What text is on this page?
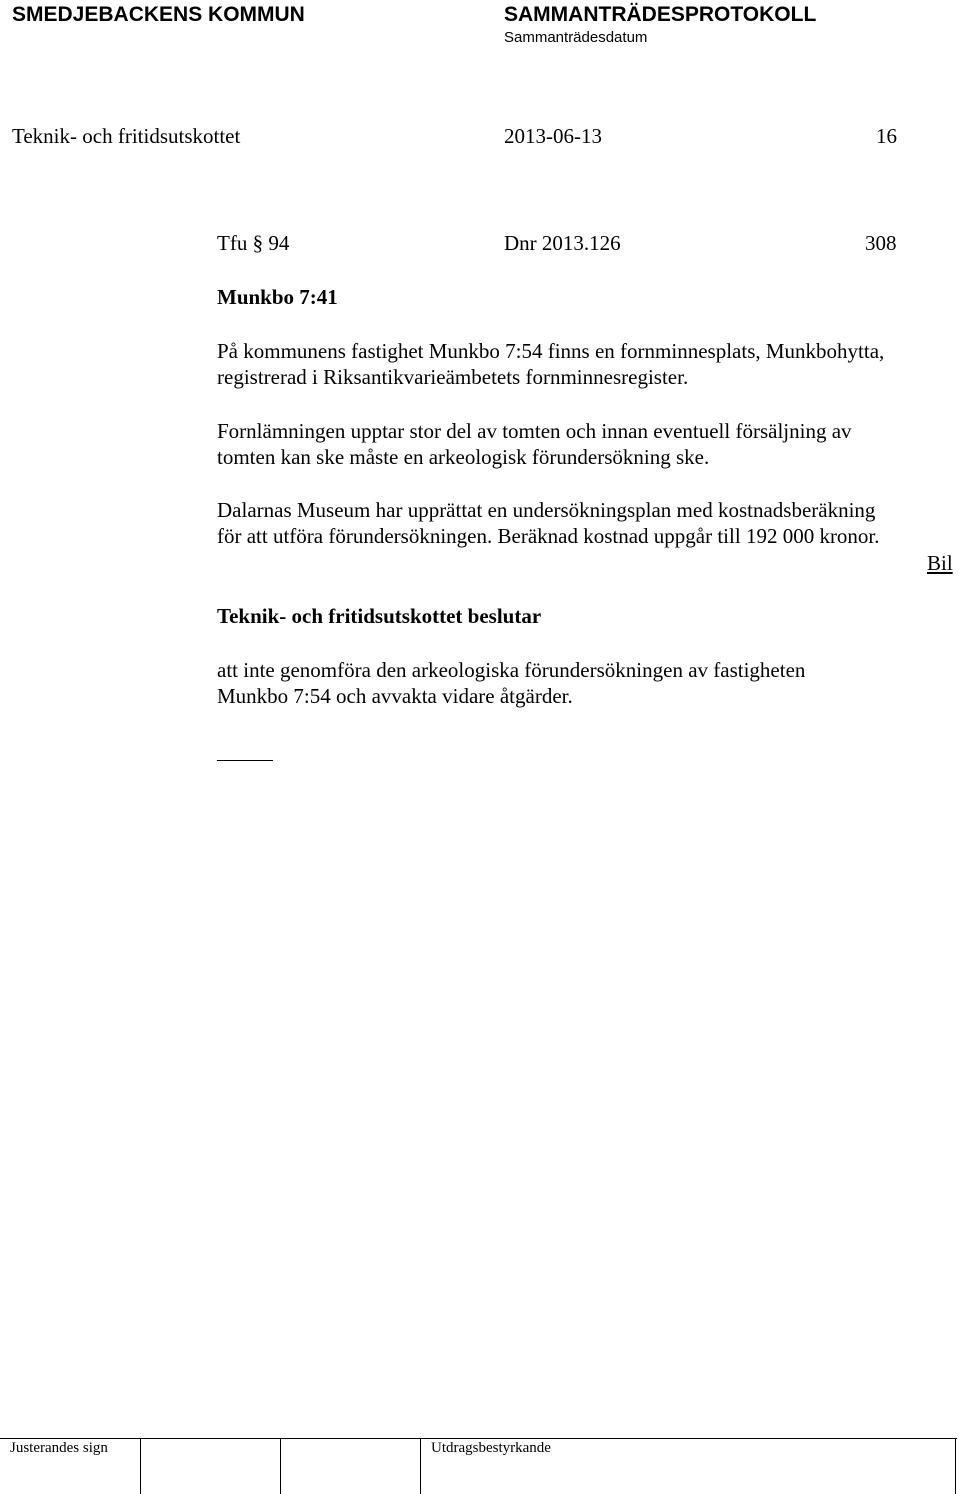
SMEDJEBACKENS KOMMUN	SAMMANTRÄDESPROTOKOLL
Sammanträdesdatum
Teknik- och fritidsutskottet	2013-06-13	16
Tfu § 94	Dnr 2013.126	308
Munkbo 7:41
På kommunens fastighet Munkbo 7:54 finns en fornminnesplats, Munkbohytta,
registrerad i Riksantikvarieämbetets fornminnesregister.
Fornlämningen upptar stor del av tomten och innan eventuell försäljning av
tomten kan ske måste en arkeologisk förundersökning ske.
Dalarnas Museum har upprättat en undersökningsplan med kostnadsberäkning
för att utföra förundersökningen. Beräknad kostnad uppgår till 192 000 kronor.
Bil
Teknik- och fritidsutskottet beslutar
att inte genomföra den arkeologiska förundersökningen av fastigheten
Munkbo 7:54 och avvakta vidare åtgärder.
Justerandes sign	Utdragsbestyrkande
